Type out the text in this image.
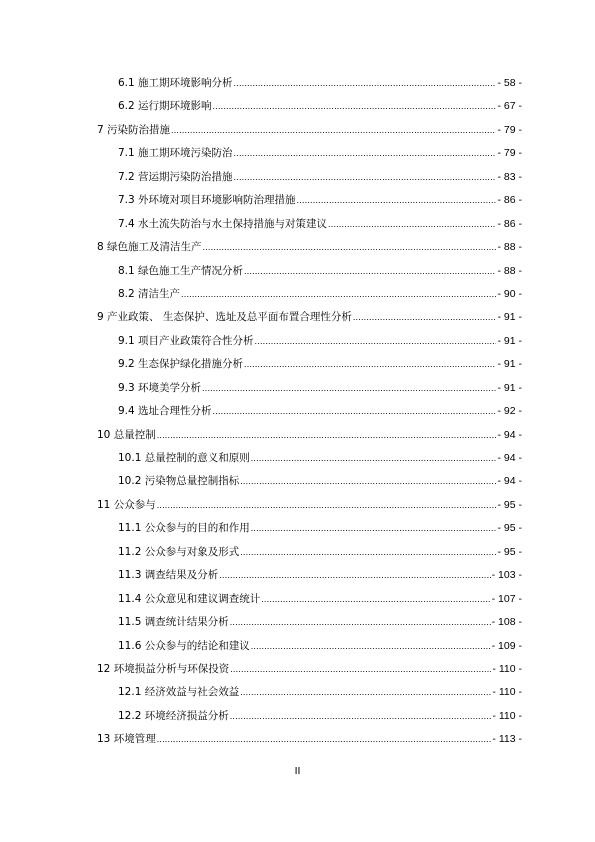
6.1 施工期环境影响分析 .....	- 58 -
6.2 运行期环境影响 .....	- 67 -
7 污染防治措施 .....	- 79 -
7.1 施工期环境污染防治 .....	- 79 -
7.2 营运期污染防治措施 .....	- 83 -
7.3 外环境对项目环境影响防治理措施 .....	- 86 -
7.4 水土流失防治与水土保持措施与对策建议 .....	- 86 -
8 绿色施工及清洁生产 .....	- 88 -
8.1 绿色施工生产情况分析 .....	- 88 -
8.2 清洁生产 .....	- 90 -
9 产业政策、 生态保护、选址及总平面布置合理性分析 .....	- 91 -
9.1 项目产业政策符合性分析 .....	- 91 -
9.2 生态保护绿化措施分析 .....	- 91 -
9.3 环境美学分析 .....	- 91 -
9.4 选址合理性分析 .....	- 92 -
10 总量控制 .....	- 94 -
10.1 总量控制的意义和原则 .....	- 94 -
10.2 污染物总量控制指标 .....	- 94 -
11 公众参与 .....	- 95 -
11.1 公众参与的目的和作用 .....	- 95 -
11.2 公众参与对象及形式 .....	- 95 -
11.3 调查结果及分析 .....	- 103 -
11.4 公众意见和建议调查统计 .....	- 107 -
11.5 调查统计结果分析 .....	- 108 -
11.6 公众参与的结论和建议 .....	- 109 -
12 环境损益分析与环保投资 .....	- 110 -
12.1 经济效益与社会效益 .....	- 110 -
12.2 环境经济损益分析 .....	- 110 -
13 环境管理 .....	- 113 -
II
